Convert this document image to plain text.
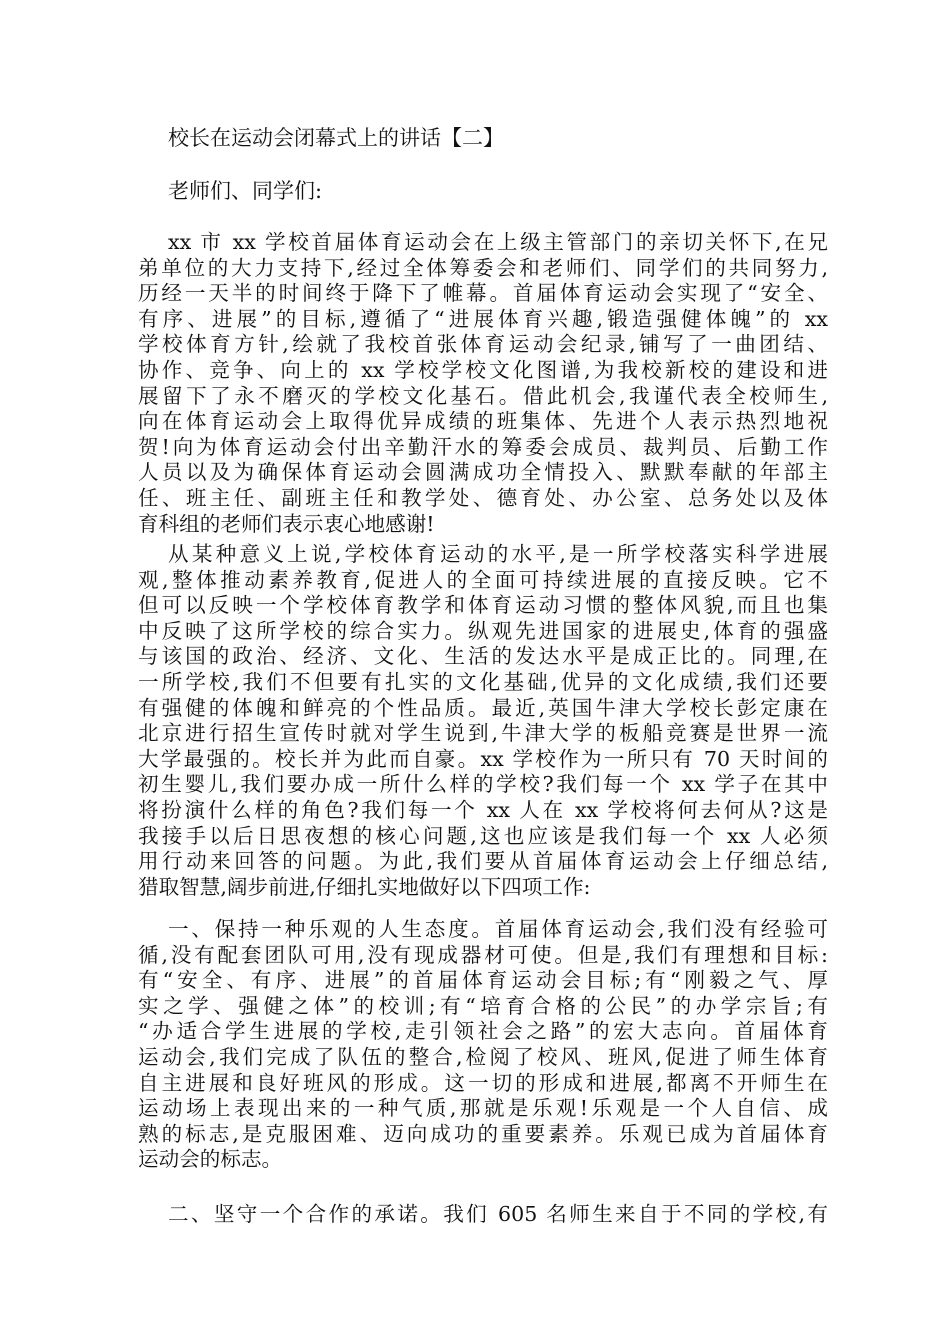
校长在运动会闭幕式上的讲话【二】

老师们、同学们:

xx 市 xx 学校首届体育运动会在上级主管部门的亲切关怀下,在兄
弟单位的大力支持下,经过全体筹委会和老师们、同学们的共同努力,
历经一天半的时间终于降下了帷幕。首届体育运动会实现了“安全、
有序、进展”的目标,遵循了“进展体育兴趣,锻造强健体魄”的 xx
学校体育方针,绘就了我校首张体育运动会纪录,铺写了一曲团结、
协作、竞争、向上的 xx 学校学校文化图谱,为我校新校的建设和进
展留下了永不磨灭的学校文化基石。借此机会,我谨代表全校师生,
向在体育运动会上取得优异成绩的班集体、先进个人表示热烈地祝
贺!向为体育运动会付出辛勤汗水的筹委会成员、裁判员、后勤工作
人员以及为确保体育运动会圆满成功全情投入、默默奉献的年部主
任、班主任、副班主任和教学处、德育处、办公室、总务处以及体
育科组的老师们表示衷心地感谢!
从某种意义上说,学校体育运动的水平,是一所学校落实科学进展
观,整体推动素养教育,促进人的全面可持续进展的直接反映。它不
但可以反映一个学校体育教学和体育运动习惯的整体风貌,而且也集
中反映了这所学校的综合实力。纵观先进国家的进展史,体育的强盛
与该国的政治、经济、文化、生活的发达水平是成正比的。同理,在
一所学校,我们不但要有扎实的文化基础,优异的文化成绩,我们还要
有强健的体魄和鲜亮的个性品质。最近,英国牛津大学校长彭定康在
北京进行招生宣传时就对学生说到,牛津大学的板船竞赛是世界一流
大学最强的。校长并为此而自豪。xx 学校作为一所只有 70 天时间的
初生婴儿,我们要办成一所什么样的学校?我们每一个 xx 学子在其中
将扮演什么样的角色?我们每一个 xx 人在 xx 学校将何去何从?这是
我接手以后日思夜想的核心问题,这也应该是我们每一个 xx 人必须
用行动来回答的问题。为此,我们要从首届体育运动会上仔细总结,
猎取智慧,阔步前进,仔细扎实地做好以下四项工作:
一、保持一种乐观的人生态度。首届体育运动会,我们没有经验可
循,没有配套团队可用,没有现成器材可使。但是,我们有理想和目标:
有“安全、有序、进展”的首届体育运动会目标;有“刚毅之气、厚
实之学、强健之体”的校训;有“培育合格的公民”的办学宗旨;有
“办适合学生进展的学校,走引领社会之路”的宏大志向。首届体育
运动会,我们完成了队伍的整合,检阅了校风、班风,促进了师生体育
自主进展和良好班风的形成。这一切的形成和进展,都离不开师生在
运动场上表现出来的一种气质,那就是乐观!乐观是一个人自信、成
熟的标志,是克服困难、迈向成功的重要素养。乐观已成为首届体育
运动会的标志。
二、坚守一个合作的承诺。我们 605 名师生来自于不同的学校,有
